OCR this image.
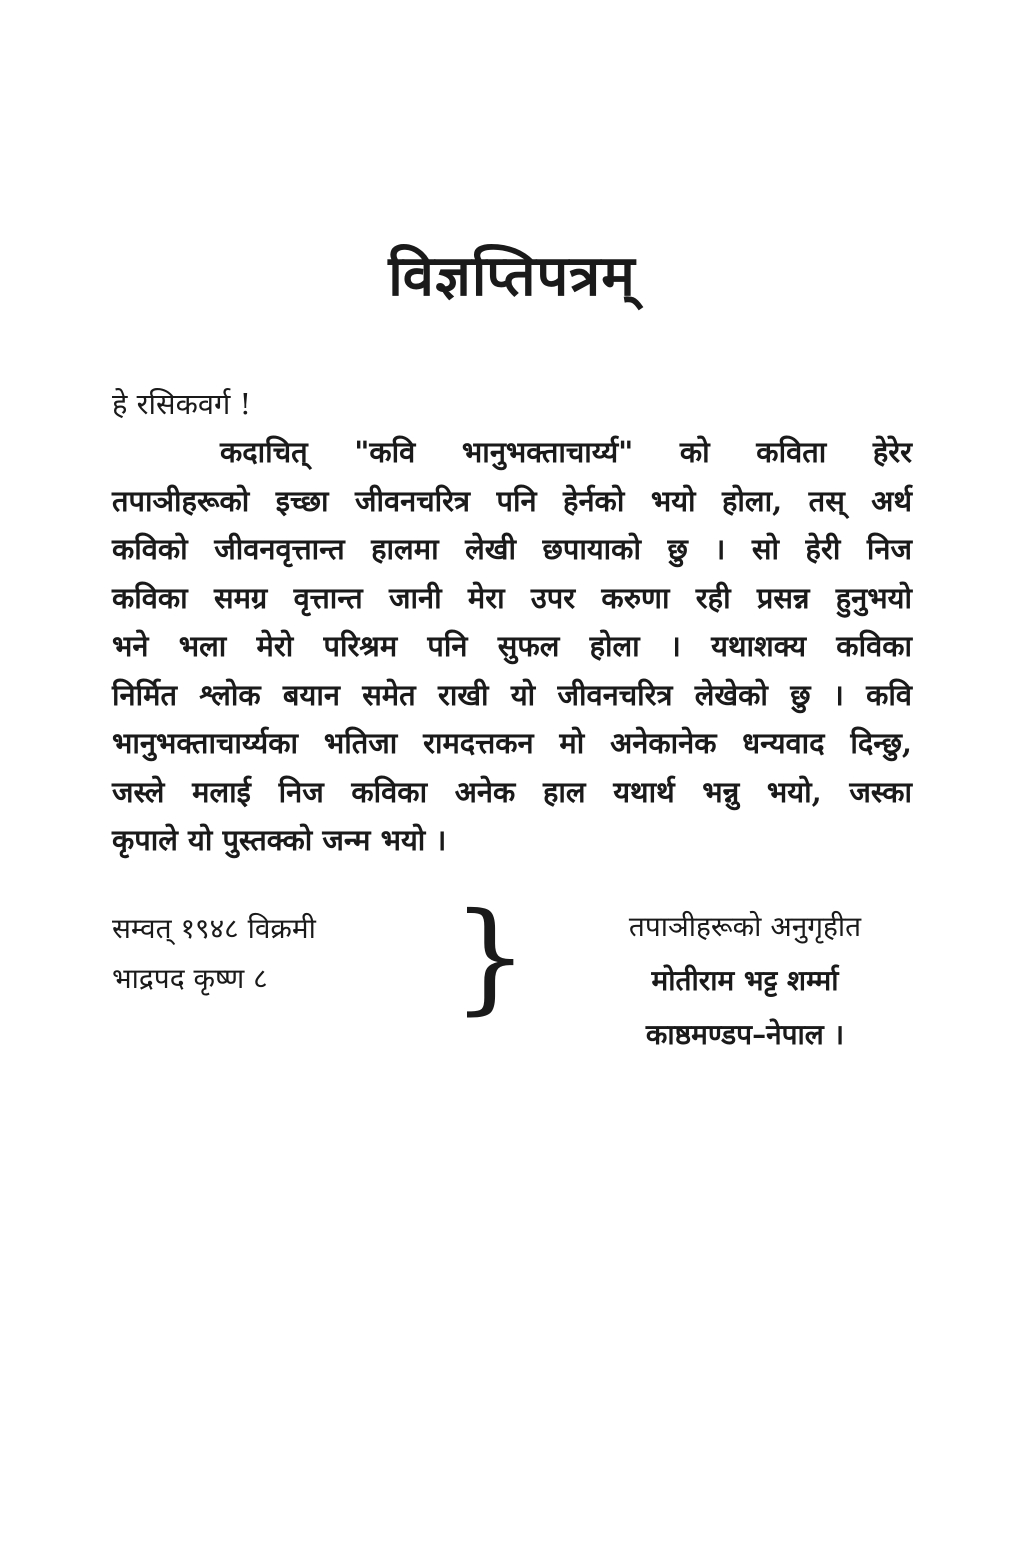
विज्ञप्तिपत्रम्
हे रसिकवर्ग !
कदाचित् "कवि भानुभक्ताचार्य्य" को कविता हेरेर
तपाञीहरूको इच्छा जीवनचरित्र पनि हेर्नको भयो होला, तस् अर्थ
कविको जीवनवृत्तान्त हालमा लेखी छपायाको छु । सो हेरी निज
कविका समग्र वृत्तान्त जानी मेरा उपर करुणा रही प्रसन्न हुनुभयो
भने भला मेरो परिश्रम पनि सुफल होला । यथाशक्य कविका
निर्मित श्लोक बयान समेत राखी यो जीवनचरित्र लेखेको छु । कवि
भानुभक्ताचार्य्यका भतिजा रामदत्तकन मो अनेकानेक धन्यवाद दिन्छु,
जस्ले मलाई निज कविका अनेक हाल यथार्थ भन्नु भयो, जस्का
कृपाले यो पुस्तक्को जन्म भयो ।
सम्वत् १९४८ विक्रमी
भाद्रपद कृष्ण ८	}	तपाञीहरूको अनुगृहीत
मोतीराम भट्ट शर्म्मा
काष्ठमण्डप–नेपाल ।
